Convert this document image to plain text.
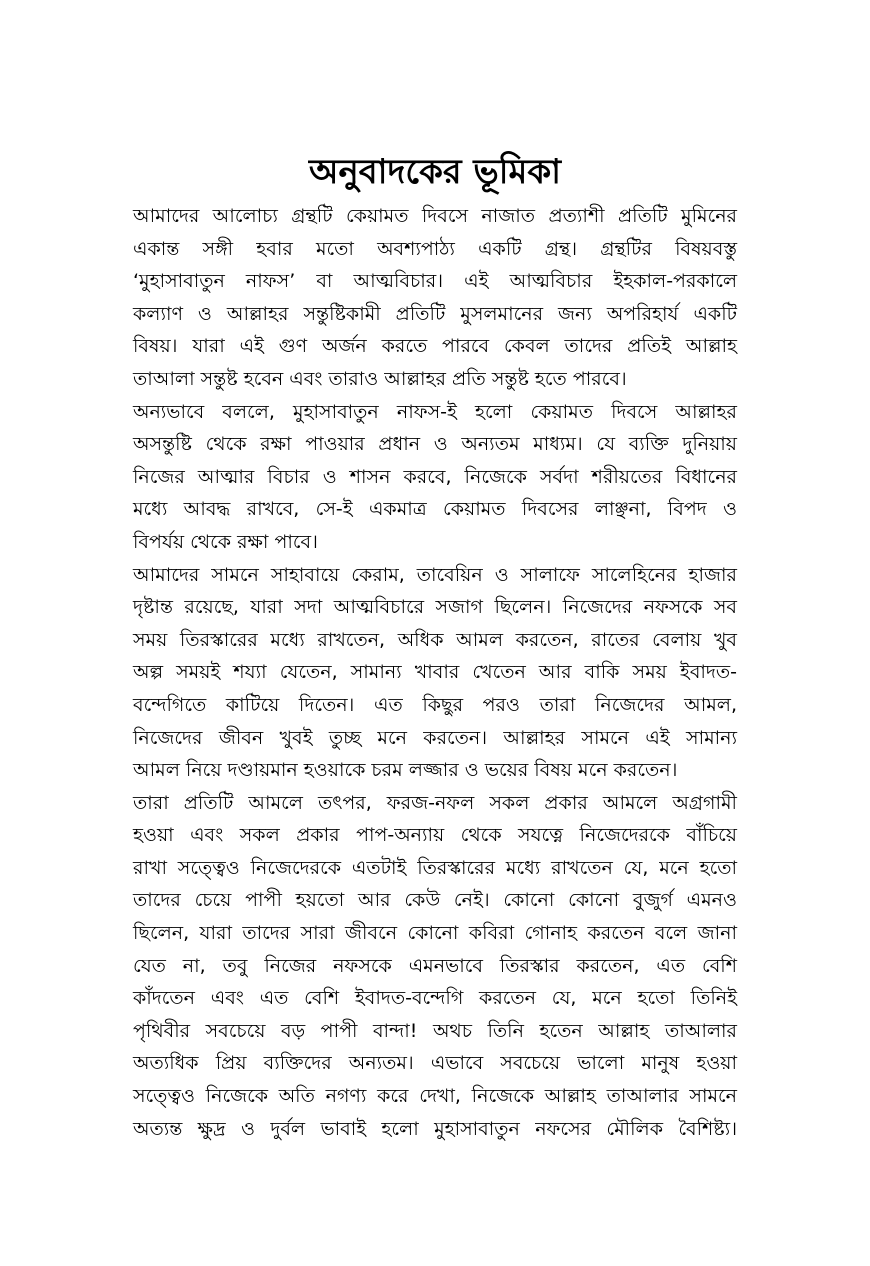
অনুবাদকের ভূমিকা

আমাদের আলোচ্য গ্রন্থটি কেয়ামত দিবসে নাজাত প্রত্যাশী প্রতিটি মুমিনের
একান্ত সঙ্গী হবার মতো অবশ্যপাঠ্য একটি গ্রন্থ। গ্রন্থটির বিষয়বস্তু
‘মুহাসাবাতুন নাফস’ বা আত্মবিচার। এই আত্মবিচার ইহকাল-পরকালে
কল্যাণ ও আল্লাহর সন্তুষ্টিকামী প্রতিটি মুসলমানের জন্য অপরিহার্য একটি
বিষয়। যারা এই গুণ অর্জন করতে পারবে কেবল তাদের প্রতিই আল্লাহ
তাআলা সন্তুষ্ট হবেন এবং তারাও আল্লাহর প্রতি সন্তুষ্ট হতে পারবে।

অন্যভাবে বললে, মুহাসাবাতুন নাফস-ই হলো কেয়ামত দিবসে আল্লাহর
অসন্তুষ্টি থেকে রক্ষা পাওয়ার প্রধান ও অন্যতম মাধ্যম। যে ব্যক্তি দুনিয়ায়
নিজের আত্মার বিচার ও শাসন করবে, নিজেকে সর্বদা শরীয়তের বিধানের
মধ্যে আবদ্ধ রাখবে, সে-ই একমাত্র কেয়ামত দিবসের লাঞ্ছনা, বিপদ ও
বিপর্যয় থেকে রক্ষা পাবে।

আমাদের সামনে সাহাবায়ে কেরাম, তাবেয়িন ও সালাফে সালেহিনের হাজার
দৃষ্টান্ত রয়েছে, যারা সদা আত্মবিচারে সজাগ ছিলেন। নিজেদের নফসকে সব
সময় তিরস্কারের মধ্যে রাখতেন, অধিক আমল করতেন, রাতের বেলায় খুব
অল্প সময়ই শয্যা যেতেন, সামান্য খাবার খেতেন আর বাকি সময় ইবাদত-
বন্দেগিতে কাটিয়ে দিতেন। এত কিছুর পরও তারা নিজেদের আমল,
নিজেদের জীবন খুবই তুচ্ছ মনে করতেন। আল্লাহর সামনে এই সামান্য
আমল নিয়ে দণ্ডায়মান হওয়াকে চরম লজ্জার ও ভয়ের বিষয় মনে করতেন।

তারা প্রতিটি আমলে তৎপর, ফরজ-নফল সকল প্রকার আমলে অগ্রগামী
হওয়া এবং সকল প্রকার পাপ-অন্যায় থেকে সযত্নে নিজেদেরকে বাঁচিয়ে
রাখা সত্ত্বেও নিজেদেরকে এতটাই তিরস্কারের মধ্যে রাখতেন যে, মনে হতো
তাদের চেয়ে পাপী হয়তো আর কেউ নেই। কোনো কোনো বুজুর্গ এমনও
ছিলেন, যারা তাদের সারা জীবনে কোনো কবিরা গোনাহ করতেন বলে জানা
যেত না, তবু নিজের নফসকে এমনভাবে তিরস্কার করতেন, এত বেশি
কাঁদতেন এবং এত বেশি ইবাদত-বন্দেগি করতেন যে, মনে হতো তিনিই
পৃথিবীর সবচেয়ে বড় পাপী বান্দা! অথচ তিনি হতেন আল্লাহ তাআলার
অত্যধিক প্রিয় ব্যক্তিদের অন্যতম। এভাবে সবচেয়ে ভালো মানুষ হওয়া
সত্ত্বেও নিজেকে অতি নগণ্য করে দেখা, নিজেকে আল্লাহ তাআলার সামনে
অত্যন্ত ক্ষুদ্র ও দুর্বল ভাবাই হলো মুহাসাবাতুন নফসের মৌলিক বৈশিষ্ট্য।
